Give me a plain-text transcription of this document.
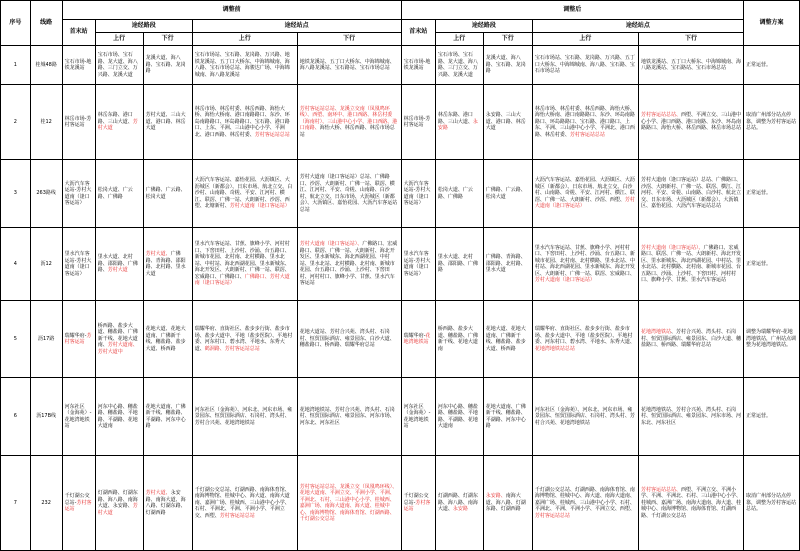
序号	线路	调整前					调整后					调整方案
		首末站	途经路段		途经站点		首末站	途经路段		途经站点		
			上行	下行	上行	下行		上行	下行	上行	下行	
1	桂城48路	宝石市场-地铁龙溪站	宝石市场、宝石路、龙大道、海八路、三门立交、万兴路、龙溪大道	龙溪大道、海八路、宝石路、龙岗路	宝石市场站、宝石路、龙岗路、万兴路、地铁龙溪站、五丁口大桥东、中海锦城南、海八路、宝石市场总站、海骏达广场、中海锦城南、海八路龙溪站	地铁龙溪站、五丁口大桥东、中海锦城南、海八路龙溪站、宝石路站、宝石市场总站	宝石市场-地铁龙溪站	宝石市场、宝石路、龙大道、海八路、三门立交、万兴路、龙溪大道	龙溪大道、海八路、宝石路、龙岗路	宝石市场站、宝石路、龙岗路、万兴路、五丁口大桥东、中海锦城南、海八路、宝石路、宝石市场总站	地铁龙溪站、五丁口大桥东、中海锦城南、海八路龙溪站、宝石路站、宝石市场总站	正常运营。
2	桂12	林岳市场-芳村客运站	林岳东路、港口路、三山大道、芳村大道	芳村大道、三山大道、港口路、林岳大道	林岳市场、林岳村委、林岳西路、海怡大桥、海怡大桥南、港口南路路口、东沙、环岛南路路口、环岛路路口、宝石路、港口路口、上东、平洲、三山港中心小学、平洲北、港口西路、林岳村委、芳村客运站总站	芳村客运站总站、龙溪立交南（凤凰鸣环线）、西塱、南环中、港口西路、林岳村委（海南村）、三山港中心小学、港口西路、港口南路、海怡大桥、林岳西路、林岳市场总站	林岳市场-芳村客运站	林岳东路、港口路、三山大道、永安路	永安路、三山大道、港口路、林岳大道	林岳市场、林岳村委、林岳西路、海怡大桥、海怡大桥南、港口南路路口、东沙、环岛南路路口、环岛路路口、宝石路、港口路口、上东、平洲、三山港中心小学、平洲北、港口西路、林岳村委、芳村客运站总站	芳村客运站总站、西塱、平洲立交、三山港中心小学、港口西路、港口南路、东沙、环岛南路路口、海怡大桥、林岳西路、林岳市场总站	取消广州部分站点停靠，调整为芳村客运站总站。
3	263路线	大沥汽车客运站-芳村大道南（逢口客运站）	松岗大道、广云路、广佛路	广佛路、广云路、松岗大道	大沥汽车客运站、嘉怡花园、大沥镇区、大沥城区（新都会）、日东市场、航北立交、白沙村、山南路、奇槎、平安、江河村、横江、联滘、广佛一站、大朗新村、沙滘、西塱、北塘新村、芳村大道南（逢口客运站）	芳村大道南（逢口客运站）总站、广佛路口、沙滘、大朗新村、广佛一站、联滘、横江、江河村、平安、奇槎、山南路、白沙村、航北立交、日东市场、大沥城区（新都会）、大沥镇区、嘉怡花园、大沥汽车客运站总站	大沥汽车客运站-芳村大道南（逢口客运站）	松岗大道、广云路、广佛路	广佛路、广云路、松岗大道	大沥汽车客运站、嘉怡花园、大沥镇区、大沥城区（新都会）、日东市场、航北立交、白沙村、山南路、奇槎、平安、江河村、横江、联滘、广佛一站、大朗新村、沙滘、西塱、芳村大道南（逢口客运站）	芳村大道南（逢口客运站）总站、广佛路口、沙滘、大朗新村、广佛一站、联滘、横江、江河村、平安、奇槎、山南路、白沙村、航北立交、日东市场、大沥城区（新都会）、大沥镇区、嘉怡花园、大沥汽车客运站总站	正常运营。
4	沥12	里水汽车客运站-芳村大道南（逢口客运站）	里水大道、北村路、邵阳路、广佛路、芳村大道	芳村大道、广佛路、青海路、邵阳路、北村路、里水大道	里水汽车客运站、甘蕉、旗峰小学、河村村口、下窖田村、上沙村、沙涌、台五路口、新城市花园、北村南、北村横路、里水北站、中村站、海北西湖花园、里水新城东、海北开发区、大朗新村、广佛一站、联滘、宏威路口、广佛路口、广佛路口、芳村大道南（逢口客运站）	芳村大道南（逢口客运站）、广佛路口、宏威路口、联滘、广佛一站、大朗新村、海北开发区、里水新城东、海北西湖花园、中村站、里水北站、北村横路、北村南、新城市花园、台五路口、沙涌、上沙村、下窖田村、河村村口、旗峰小学、甘蕉、里水汽车客运站	里水汽车客运站-芳村大道南（逢口客运站）	里水大道、北村路、邵阳路、广佛路	广佛路、青海路、邵阳路、北村路、里水大道	里水汽车客运站、甘蕉、旗峰小学、河村村口、下窖田村、上沙村、沙涌、台五路口、新城市花园、北村南、北村横路、里水北站、中村站、海北西湖花园、里水新城东、海北开发区、大朗新村、广佛一站、联滘、宏威路口、芳村大道南（逢口客运站）	芳村大道南（逢口客运站）、广佛路口、宏威路口、联滘、广佛一站、大朗新村、海北开发区、里水新城东、海北西湖花园、中村站、里水北站、北村横路、北村南、新城市花园、台五路口、沙涌、上沙村、下窖田村、河村村口、旗峰小学、甘蕉、里水汽车客运站	正常运营。
5	沥17路	瑞耀华府-芳村客运站	桥西路、盐步大道、穗盐路、广佛新干线、花地大道南、芳村大道南、芳村大道中	花地大道、花地大道南、广佛新干线、穗盐路、盐步大道、桥西路	瑞耀华府、直街社区、盐步步行街、盐步市场、盐步大道中、平地（盐步医院）、平地村委、河东村口、碧水湾、平地水、东秀大道、鹤洞路、芳村客运站总站	花地大道站、芳村合兴苑、湾头村、石岗村、恒贸国际酒店、雍景园东、白沙大道、穗盐路口、桥西路、瑞耀华府总站	瑞耀华府-花地湾地铁站	桥西路、盐步大道、穗盐路、广佛新干线、花地大道南	花地大道、花地大道南、广佛新干线、穗盐路、盐步大道、桥西路	瑞耀华府、直街社区、盐步步行街、盐步市场、盐步大道中、平地（盐步医院）、平地村委、河东村口、碧水湾、平地水、东秀大道、花地湾地铁站总站	花地湾地铁站、芳村合兴苑、湾头村、石岗村、恒贸国际酒店、雍景园东、白沙大道、穗盐路口、桥西路、瑞耀华府总站	调整为瑞耀华府-花地湾地铁站，广州站点调整为花地湾地铁站。
6	沥17B线	河东社区（金海苑）-花地湾地铁站	河东中心路、穗盐路、穗盐路、平地路、平湖路、花地大道南	花地大道南、广佛新干线、穗盐路、平湖路、河东中心路	河东社区（金海苑）、河东北、河东市场、雍景园东、恒贸国际酒店、石岗村、湾头村、芳村合兴苑、花地湾地铁站	花地湾地铁站、芳村合兴苑、湾头村、石岗村、恒贸国际酒店、雍景园东、河东市场、河东北、河东社区	河东社区（金海苑）-花地湾地铁站	河东中心路、穗盐路、穗盐路、平地路、平湖路、花地大道南	花地大道南、广佛新干线、穗盐路、平湖路、河东中心路	河东社区（金海苑）、河东北、河东市场、雍景园东、恒贸国际酒店、石岗村、湾头村、芳村合兴苑、花地湾地铁站	花地湾地铁站、芳村合兴苑、湾头村、石岗村、恒贸国际酒店、雍景园东、河东市场、河东北、河东社区	正常运营。
7	232	千灯湖公交总站-芳村客运站	灯湖西路、灯湖东路、海八路、南海大道、永安路、芳村大道	芳村大道、永安路、南海大道、海八路、灯湖东路、灯湖西路	千灯湖公交总站、灯湖西路、南海体育馆、南海博物馆、桂城中心、海大道、南海大道南、嘉洲广场、桂城西、三山港中心小学、石村、平洲北、平洲、平洲小学、平洲立交、西塱、芳村客运站总站	芳村客运站总站、龙溪立交（凤凰鸣环线）、花地大道南、平洲立交、平洲小学、平洲、平洲北、石村、三山港中心小学、桂城西、嘉洲广场、南海大道南、海大道、桂城中心、南海博物馆、南海体育馆、灯湖西路、千灯湖公交总站	千灯湖公交总站-芳村客运站	灯湖西路、灯湖东路、海八路、南海大道、永安路	永安路、南海大道、海八路、灯湖东路、灯湖西路	千灯湖公交总站、灯湖西路、南海体育馆、南海博物馆、桂城中心、海大道、南海大道南、嘉洲广场、桂城西、三山港中心小学、石村、平洲北、平洲、平洲小学、平洲立交、西塱、芳村客运站总站	芳村客运站总站、西塱、平洲立交、平洲小学、平洲、平洲北、石村、三山港中心小学、桂城西、嘉洲广场、南海大道南、海大道、桂城中心、南海博物馆、南海体育馆、灯湖西路、千灯湖公交总站	取消广州部分站点停靠，调整为芳村客运站总站。
